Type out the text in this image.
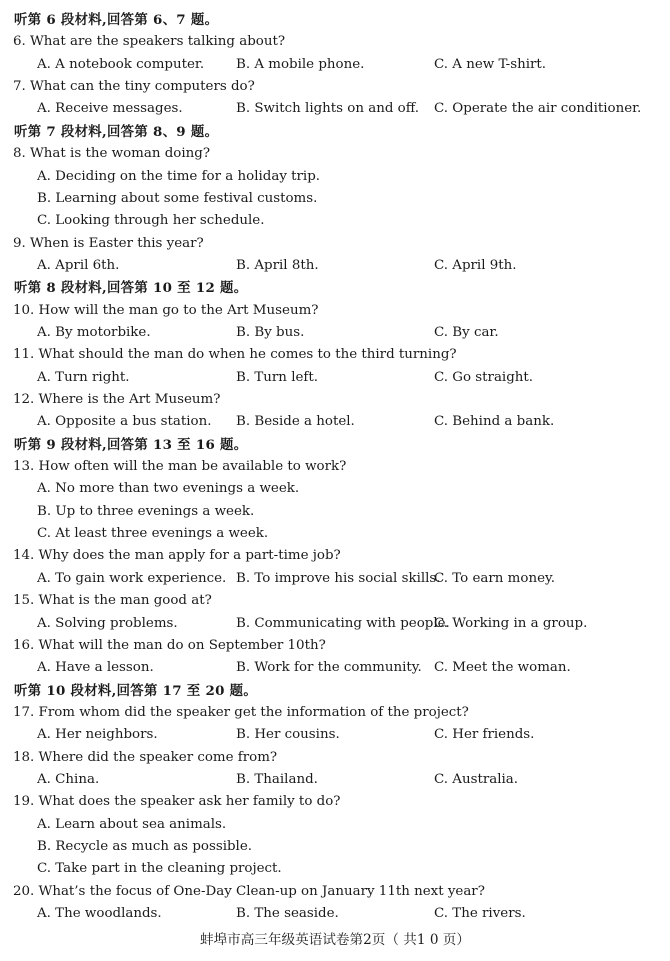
听第 6 段材料,回答第 6、7 题。
6. What are the speakers talking about?
A. A notebook computer. B. A mobile phone.	C. A new T-shirt.
7. What can the tiny computers do?
A. Receive messages.	B. Switch lights on and off. C. Operate the air conditioner.
听第 7 段材料,回答第 8、9 题。
8. What is the woman doing?
A. Deciding on the time for a holiday trip.
B. Learning about some festival customs.
C. Looking through her schedule.
9. When is Easter this year?
A. April 6th.	B. April 8th.	C. April 9th.
听第 8 段材料,回答第 10 至 12 题。
10. How will the man go to the Art Museum?
A. By motorbike.	B. By bus.	C. By car.
11. What should the man do when he comes to the third turning?
A. Turn right.	B. Turn left.	C. Go straight.
12. Where is the Art Museum?
A. Opposite a bus station. B. Beside a hotel.	C. Behind a bank.
听第 9 段材料,回答第 13 至 16 题。
13. How often will the man be available to work?
A. No more than two evenings a week.
B. Up to three evenings a week.
C. At least three evenings a week.
14. Why does the man apply for a part-time job?
A. To gain work experience. B. To improve his social skills.
C. To earn money.
15. What is the man good at?
A. Solving problems.	B. Communicating with people.
C. Working in a group.
16. What will the man do on September 10th?
A. Have a lesson.	B. Work for the community. C. Meet the woman.
听第 10 段材料,回答第 17 至 20 题。
17. From whom did the speaker get the information of the project?
A. Her neighbors.	B. Her cousins.	C. Her friends.
18. Where did the speaker come from?
A. China.	B. Thailand.	C. Australia.
19. What does the speaker ask her family to do?
A. Learn about sea animals.
B. Recycle as much as possible.
C. Take part in the cleaning project.
20. What’s the focus of One-Day Clean-up on January 11th next year?
A. The woodlands.	B. The seaside.	C. The rivers.
蚌埠市高三年级英语试卷第2页（ 共1 0 页）
